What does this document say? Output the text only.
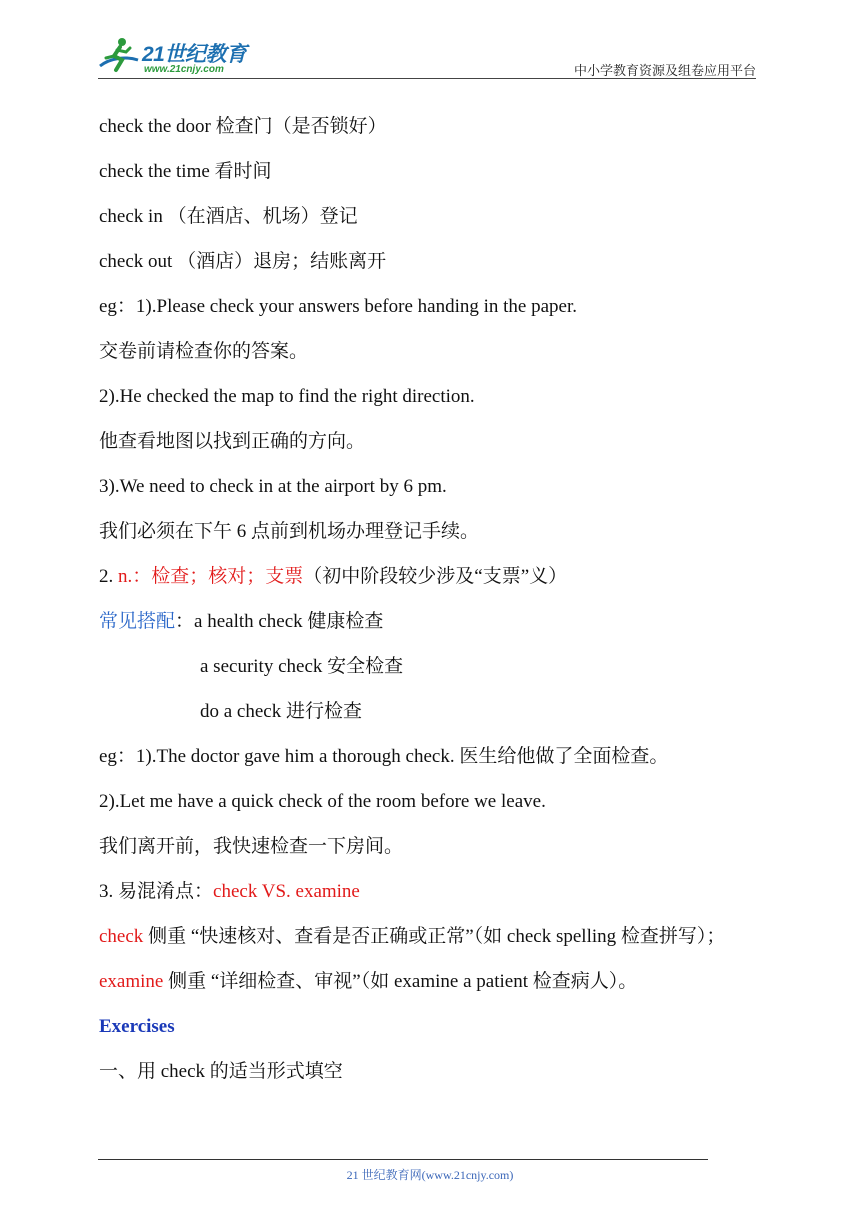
21世纪教育
www.21cnjy.com	中小学教育资源及组卷应用平台
check the door 检查门（是否锁好）
check the time 看时间
check in （在酒店、机场）登记
check out （酒店）退房；结账离开
eg：1).Please check your answers before handing in the paper.
交卷前请检查你的答案。
2).He checked the map to find the right direction.
他查看地图以找到正确的方向。
3).We need to check in at the airport by 6 pm.
我们必须在下午 6 点前到机场办理登记手续。
2. n.：检查；核对；支票（初中阶段较少涉及“支票”义）
常见搭配：a health check 健康检查
a security check 安全检查
do a check 进行检查
eg：1).The doctor gave him a thorough check. 医生给他做了全面检查。
2).Let me have a quick check of the room before we leave.
我们离开前，我快速检查一下房间。
3. 易混淆点：check VS. examine
check 侧重 “快速核对、查看是否正确或正常”（如 check spelling 检查拼写）；
examine 侧重 “详细检查、审视”（如 examine a patient 检查病人）。
Exercises
一、用 check 的适当形式填空
21 世纪教育网(www.21cnjy.com)
